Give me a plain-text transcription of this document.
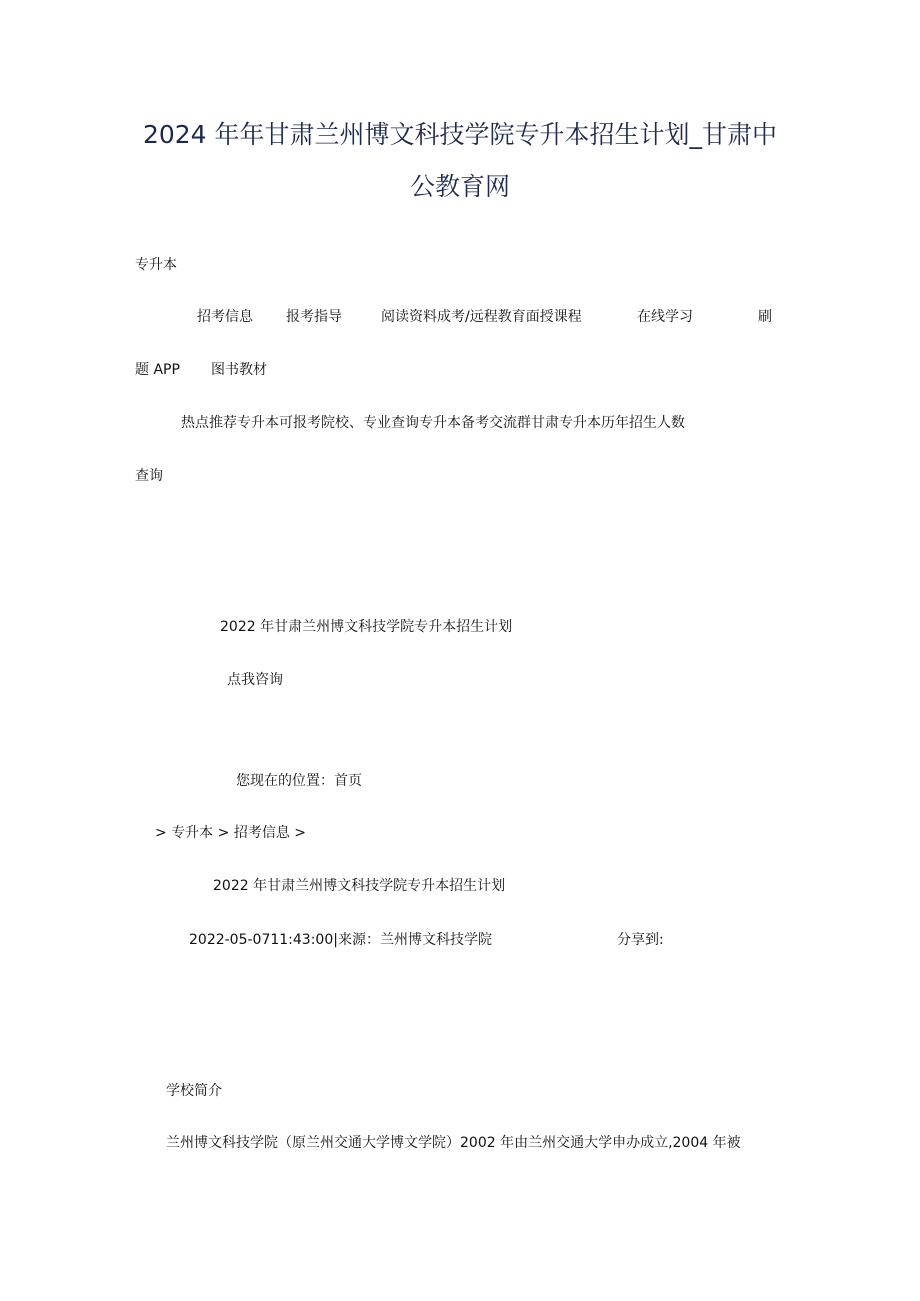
2024 年年甘肃兰州博文科技学院专升本招生计划_甘肃中
公教育网
专升本
招考信息 报考指导	阅读资料成考/远程教育面授课程	在线学习	刷
题 APP 图书教材
热点推荐专升本可报考院校、专业查询专升本备考交流群甘肃专升本历年招生人数
查询
2022 年甘肃兰州博文科技学院专升本招生计划
点我咨询
您现在的位置：首页
> 专升本 > 招考信息 >
2022 年甘肃兰州博文科技学院专升本招生计划
2022-05-0711:43:00|来源：兰州博文科技学院	分享到:
学校简介
兰州博文科技学院（原兰州交通大学博文学院）2002 年由兰州交通大学申办成立,2004 年被
